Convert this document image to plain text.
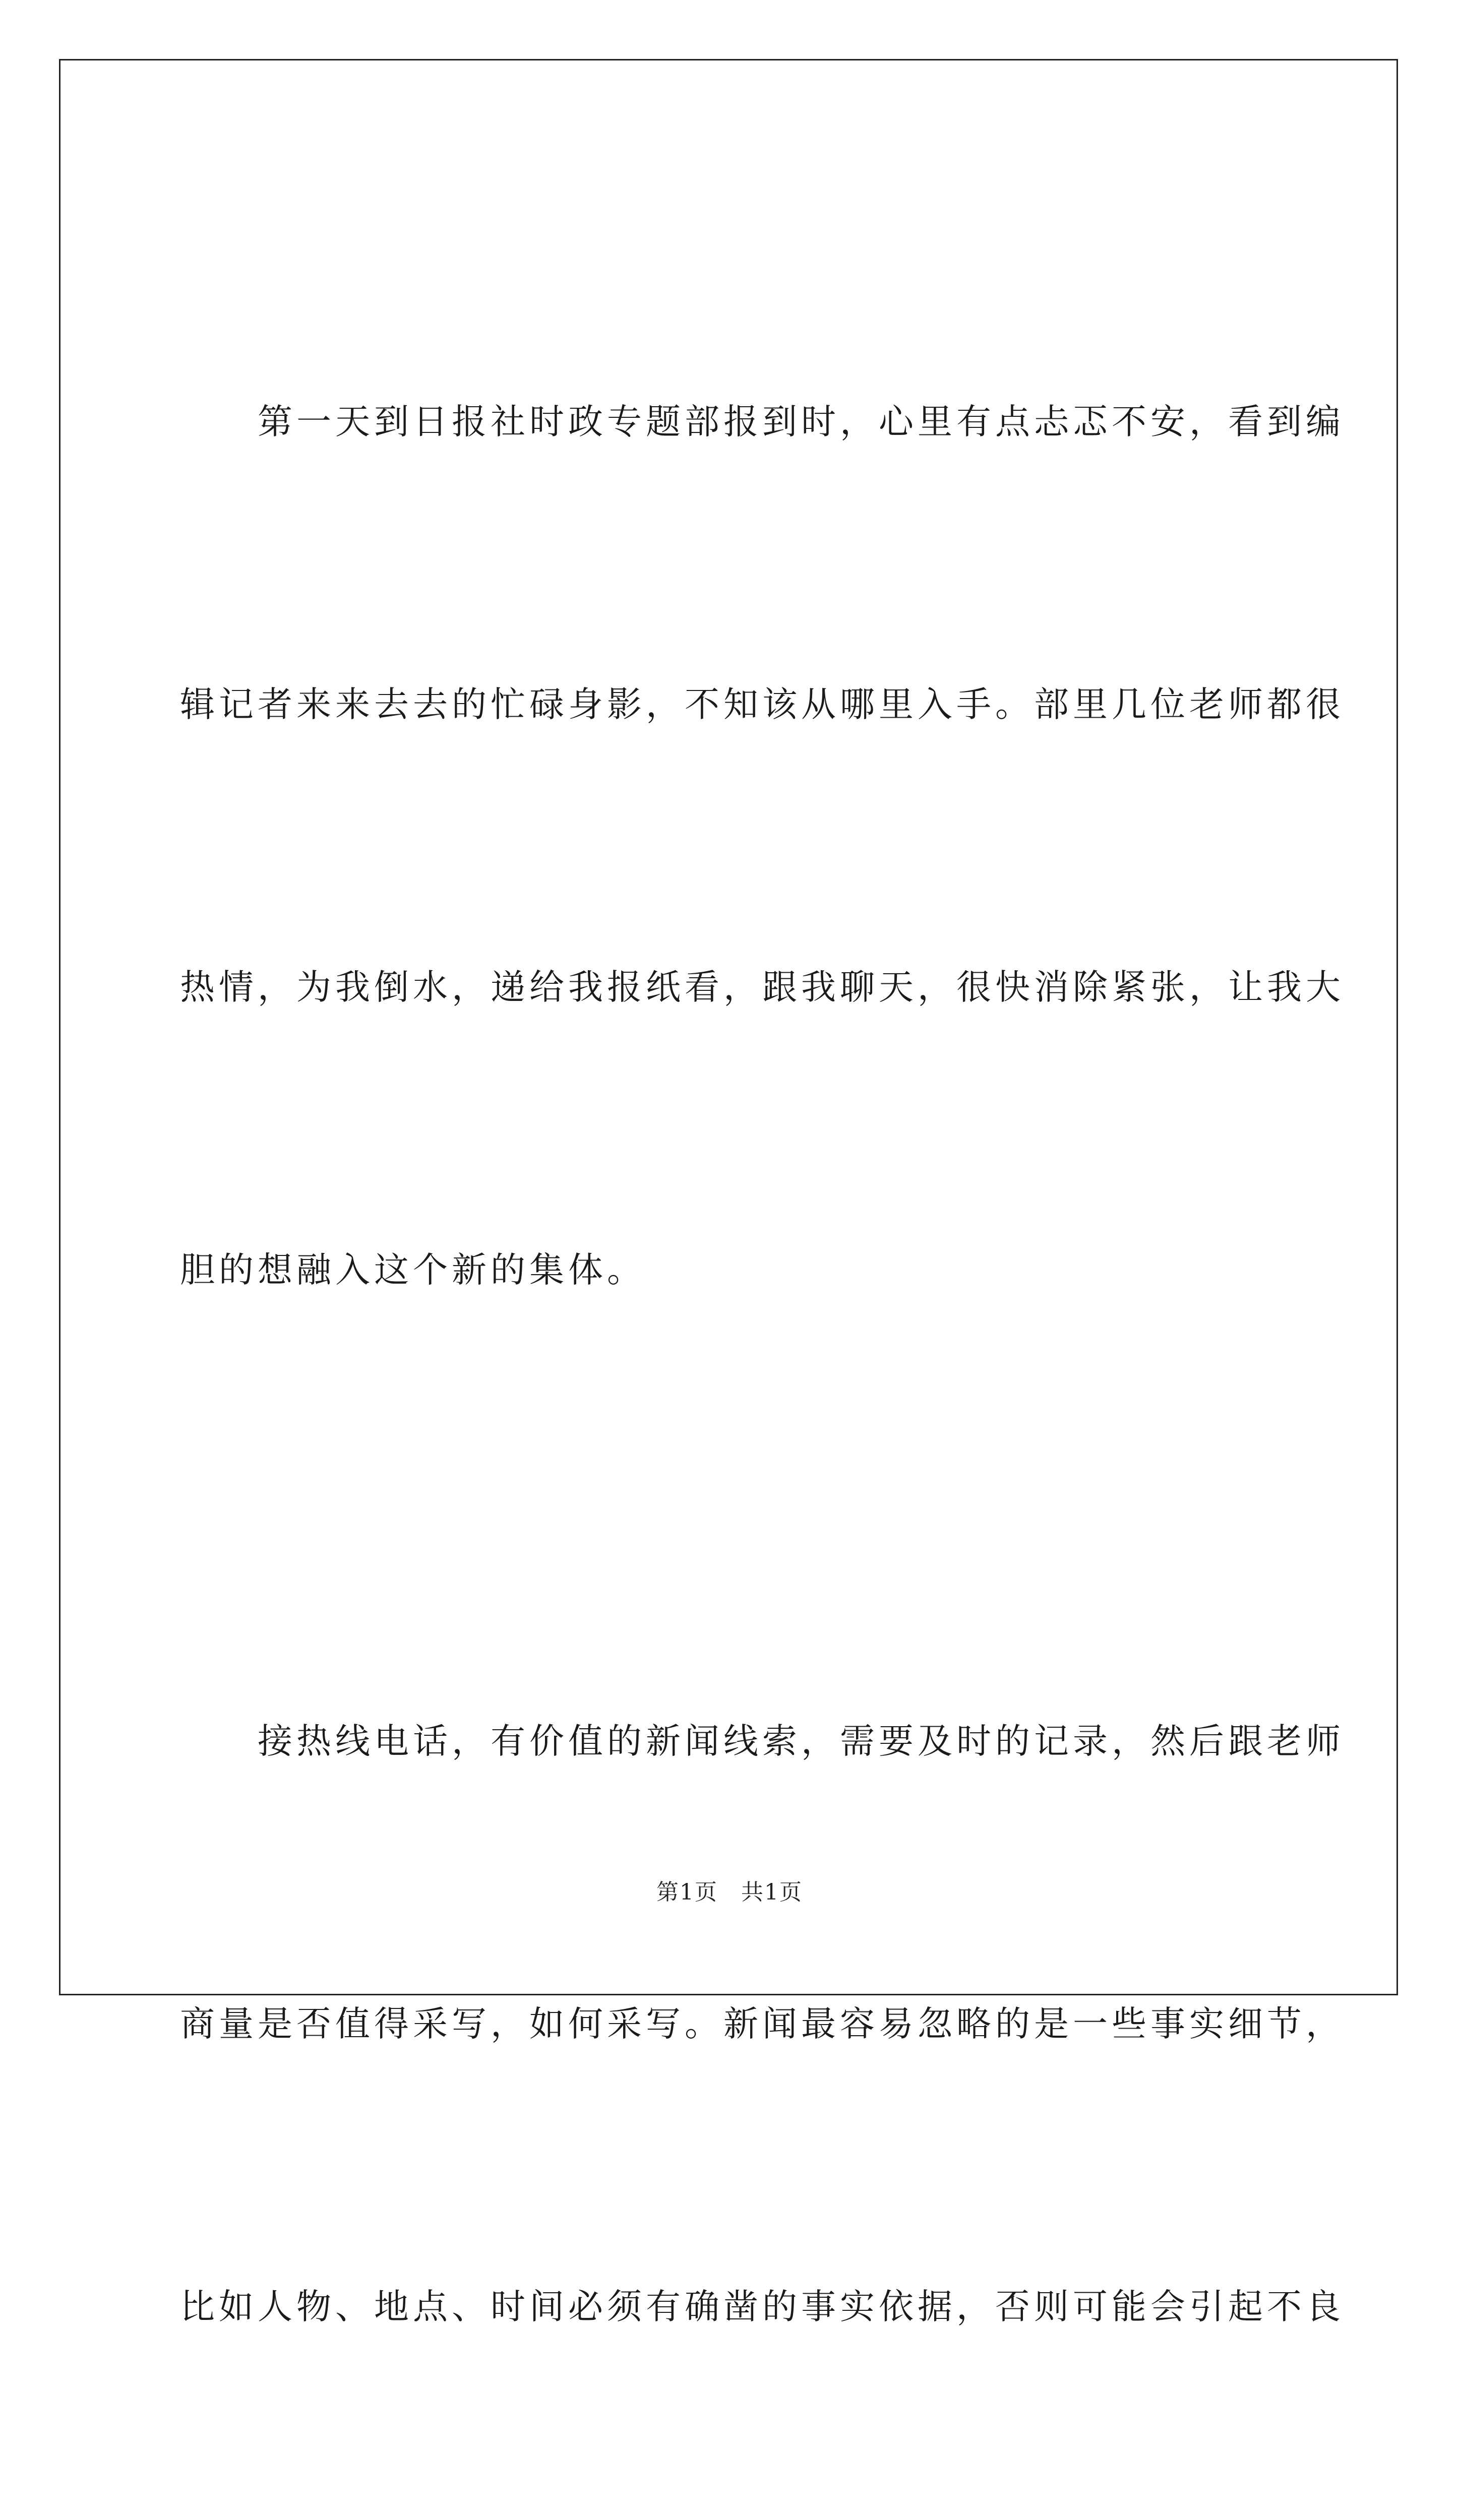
第一天到日报社时政专题部报到时，心里有点忐忑不安，看到编

辑记者来来去去的忙碌身影，不知该从哪里入手。部里几位老师都很

热情，为我倒水，递给我报纸看，跟我聊天，很快消除紧张，让我大

胆的想融入这个新的集体。

接热线电话，有价值的新闻线索，需要及时的记录，然后跟老师

商量是否值得采写，如何采写。新闻最容易忽略的是一些事实细节，

比如人物、地点、时间必须有确凿的事实依据，否则可能会引起不良

第1页　共1页
